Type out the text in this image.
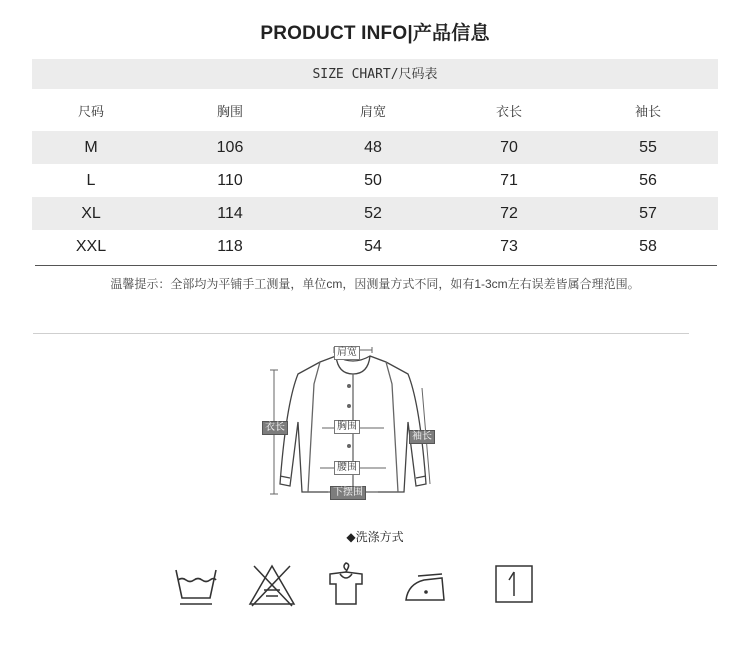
PRODUCT INFO|产品信息
SIZE CHART/尺码表
尺码	胸围	肩宽	衣长	袖长
M	106	48	70	55
L	110	50	71	56
XL	114	52	72	57
XXL	118	54	73	58
温馨提示：全部均为平铺手工测量，单位cm，因测量方式不同，如有1-3cm左右误差皆属合理范围。
肩宽
衣长	胸围
袖长
腰围
下摆围
◆洗涤方式
